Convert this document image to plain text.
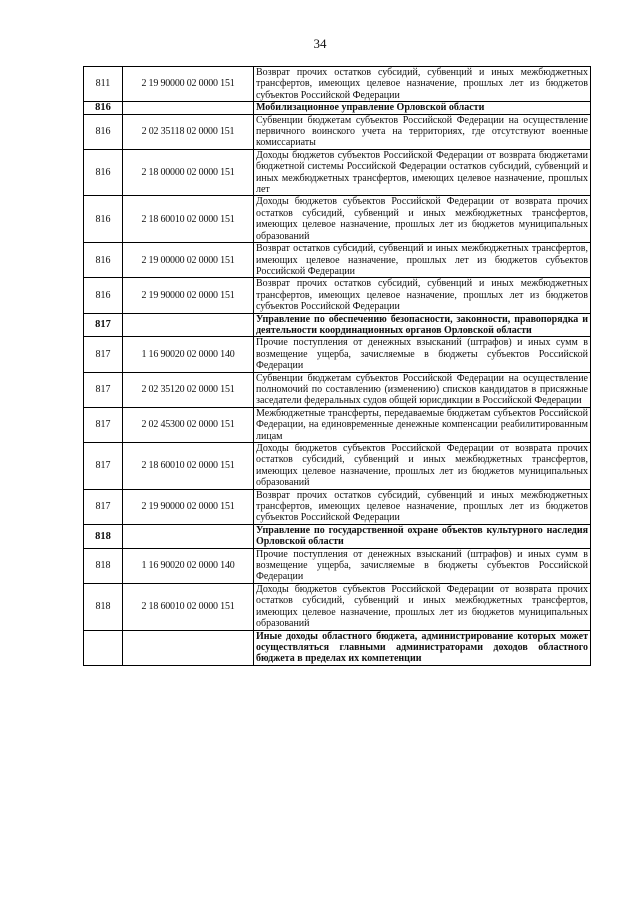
34
811	2 19 90000 02 0000 151	Возврат прочих остатков субсидий, субвенций и иных межбюджетных трансфертов, имеющих целевое назначение, прошлых лет из бюджетов субъектов Российской Федерации
816		Мобилизационное управление Орловской области
816	2 02 35118 02 0000 151	Субвенции бюджетам субъектов Российской Федерации на осуществление первичного воинского учета на территориях, где отсутствуют военные комиссариаты
816	2 18 00000 02 0000 151	Доходы бюджетов субъектов Российской Федерации от возврата бюджетами бюджетной системы Российской Федерации остатков субсидий, субвенций и иных межбюджетных трансфертов, имеющих целевое назначение, прошлых лет
816	2 18 60010 02 0000 151	Доходы бюджетов субъектов Российской Федерации от возврата прочих остатков субсидий, субвенций и иных межбюджетных трансфертов, имеющих целевое назначение, прошлых лет из бюджетов муниципальных образований
816	2 19 00000 02 0000 151	Возврат остатков субсидий, субвенций и иных межбюджетных трансфертов, имеющих целевое назначение, прошлых лет из бюджетов субъектов Российской Федерации
816	2 19 90000 02 0000 151	Возврат прочих остатков субсидий, субвенций и иных межбюджетных трансфертов, имеющих целевое назначение, прошлых лет из бюджетов субъектов Российской Федерации
817		Управление по обеспечению безопасности, законности, правопорядка и деятельности координационных органов Орловской области
817	1 16 90020 02 0000 140	Прочие поступления от денежных взысканий (штрафов) и иных сумм в возмещение ущерба, зачисляемые в бюджеты субъектов Российской Федерации
817	2 02 35120 02 0000 151	Субвенции бюджетам субъектов Российской Федерации на осуществление полномочий по составлению (изменению) списков кандидатов в присяжные заседатели федеральных судов общей юрисдикции в Российской Федерации
817	2 02 45300 02 0000 151	Межбюджетные трансферты, передаваемые бюджетам субъектов Российской Федерации, на единовременные денежные компенсации реабилитированным лицам
817	2 18 60010 02 0000 151	Доходы бюджетов субъектов Российской Федерации от возврата прочих остатков субсидий, субвенций и иных межбюджетных трансфертов, имеющих целевое назначение, прошлых лет из бюджетов муниципальных образований
817	2 19 90000 02 0000 151	Возврат прочих остатков субсидий, субвенций и иных межбюджетных трансфертов, имеющих целевое назначение, прошлых лет из бюджетов субъектов Российской Федерации
818		Управление по государственной охране объектов культурного наследия Орловской области
818	1 16 90020 02 0000 140	Прочие поступления от денежных взысканий (штрафов) и иных сумм в возмещение ущерба, зачисляемые в бюджеты субъектов Российской Федерации
818	2 18 60010 02 0000 151	Доходы бюджетов субъектов Российской Федерации от возврата прочих остатков субсидий, субвенций и иных межбюджетных трансфертов, имеющих целевое назначение, прошлых лет из бюджетов муниципальных образований
		Иные доходы областного бюджета, администрирование которых может осуществляться главными администраторами доходов областного бюджета в пределах их компетенции
